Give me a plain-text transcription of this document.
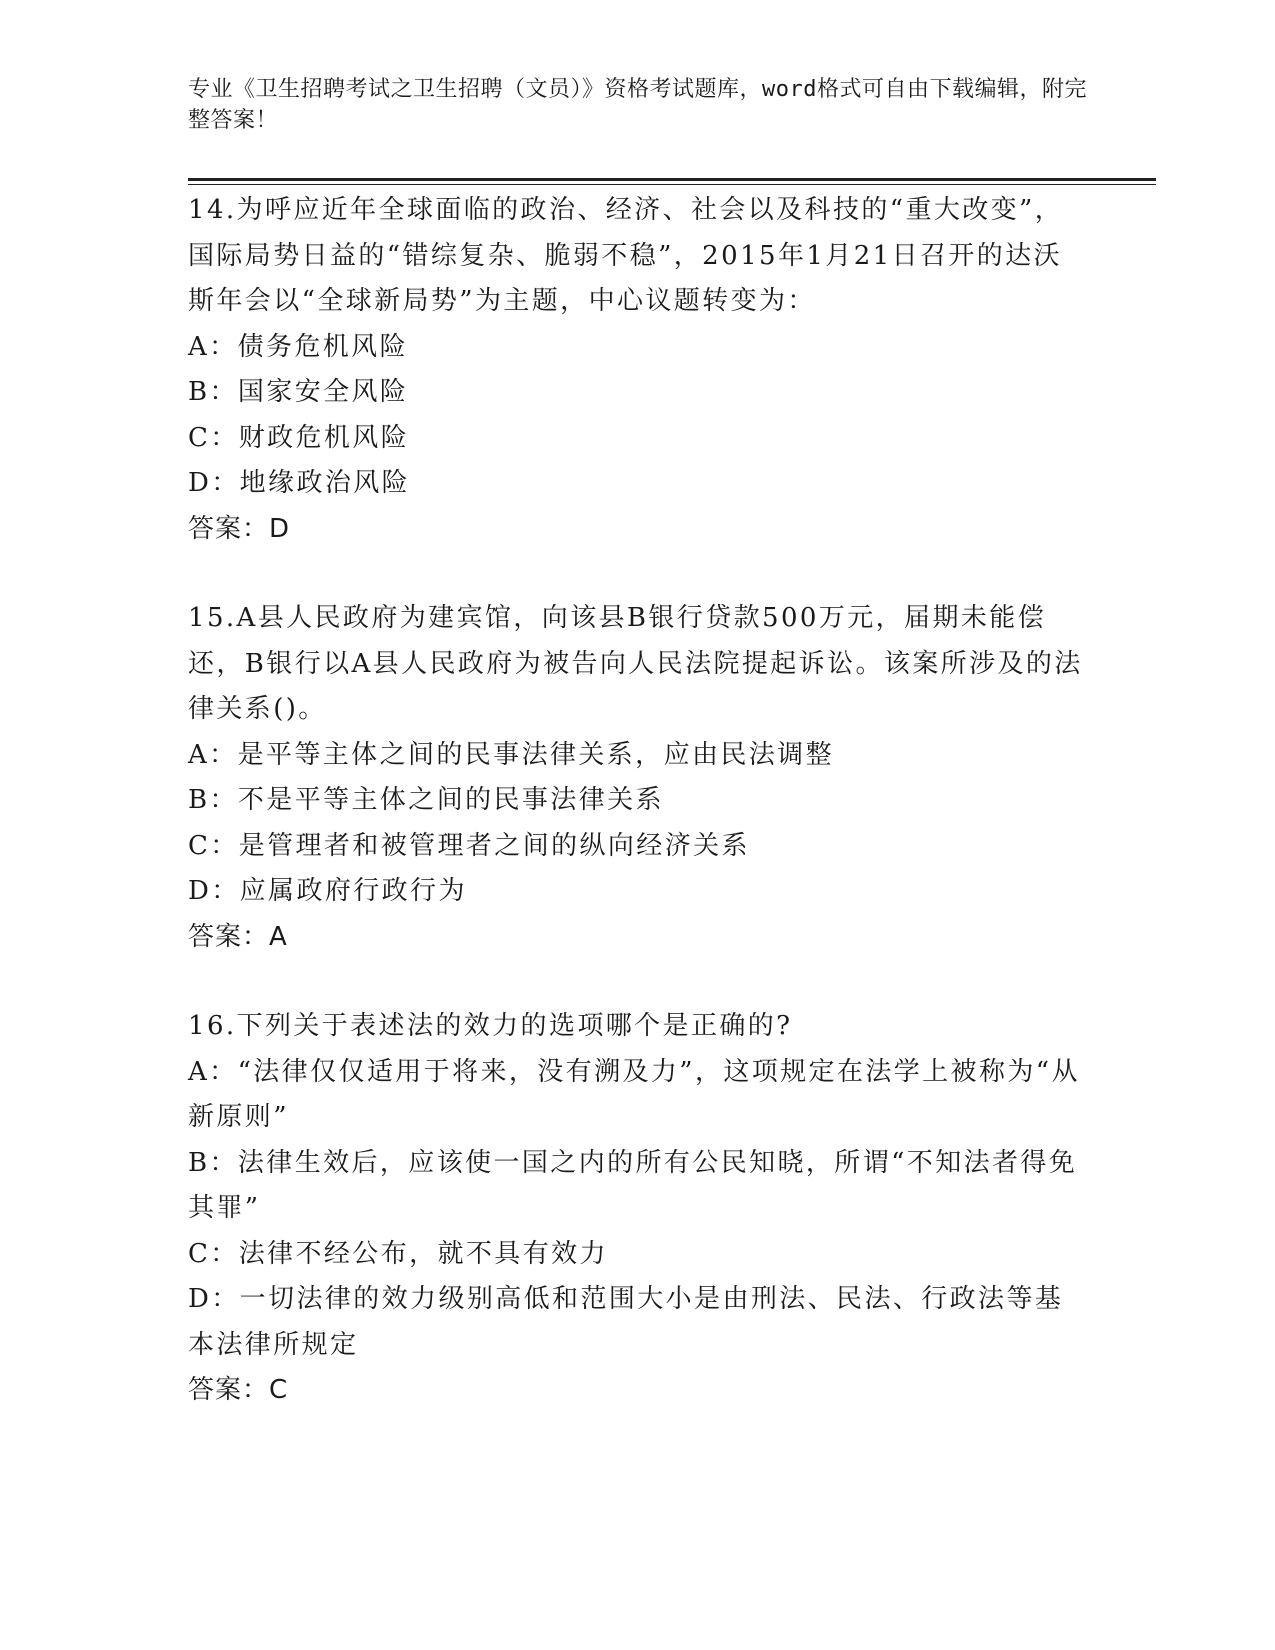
专业《卫生招聘考试之卫生招聘（文员）》资格考试题库，word格式可自由下载编辑，附完整答案！

14.为呼应近年全球面临的政治、经济、社会以及科技的“重大改变”，国际局势日益的“错综复杂、脆弱不稳”，2015年1月21日召开的达沃斯年会以“全球新局势”为主题，中心议题转变为：

A：债务危机风险

B：国家安全风险

C：财政危机风险

D：地缘政治风险

答案：D

15.A县人民政府为建宾馆，向该县B银行贷款500万元，届期未能偿还，B银行以A县人民政府为被告向人民法院提起诉讼。该案所涉及的法律关系()。

A：是平等主体之间的民事法律关系，应由民法调整

B：不是平等主体之间的民事法律关系

C：是管理者和被管理者之间的纵向经济关系

D：应属政府行政行为

答案：A

16.下列关于表述法的效力的选项哪个是正确的?

A：“法律仅仅适用于将来，没有溯及力”，这项规定在法学上被称为“从新原则”

B：法律生效后，应该使一国之内的所有公民知晓，所谓“不知法者得免其罪”

C：法律不经公布，就不具有效力

D：一切法律的效力级别高低和范围大小是由刑法、民法、行政法等基本法律所规定

答案：C
